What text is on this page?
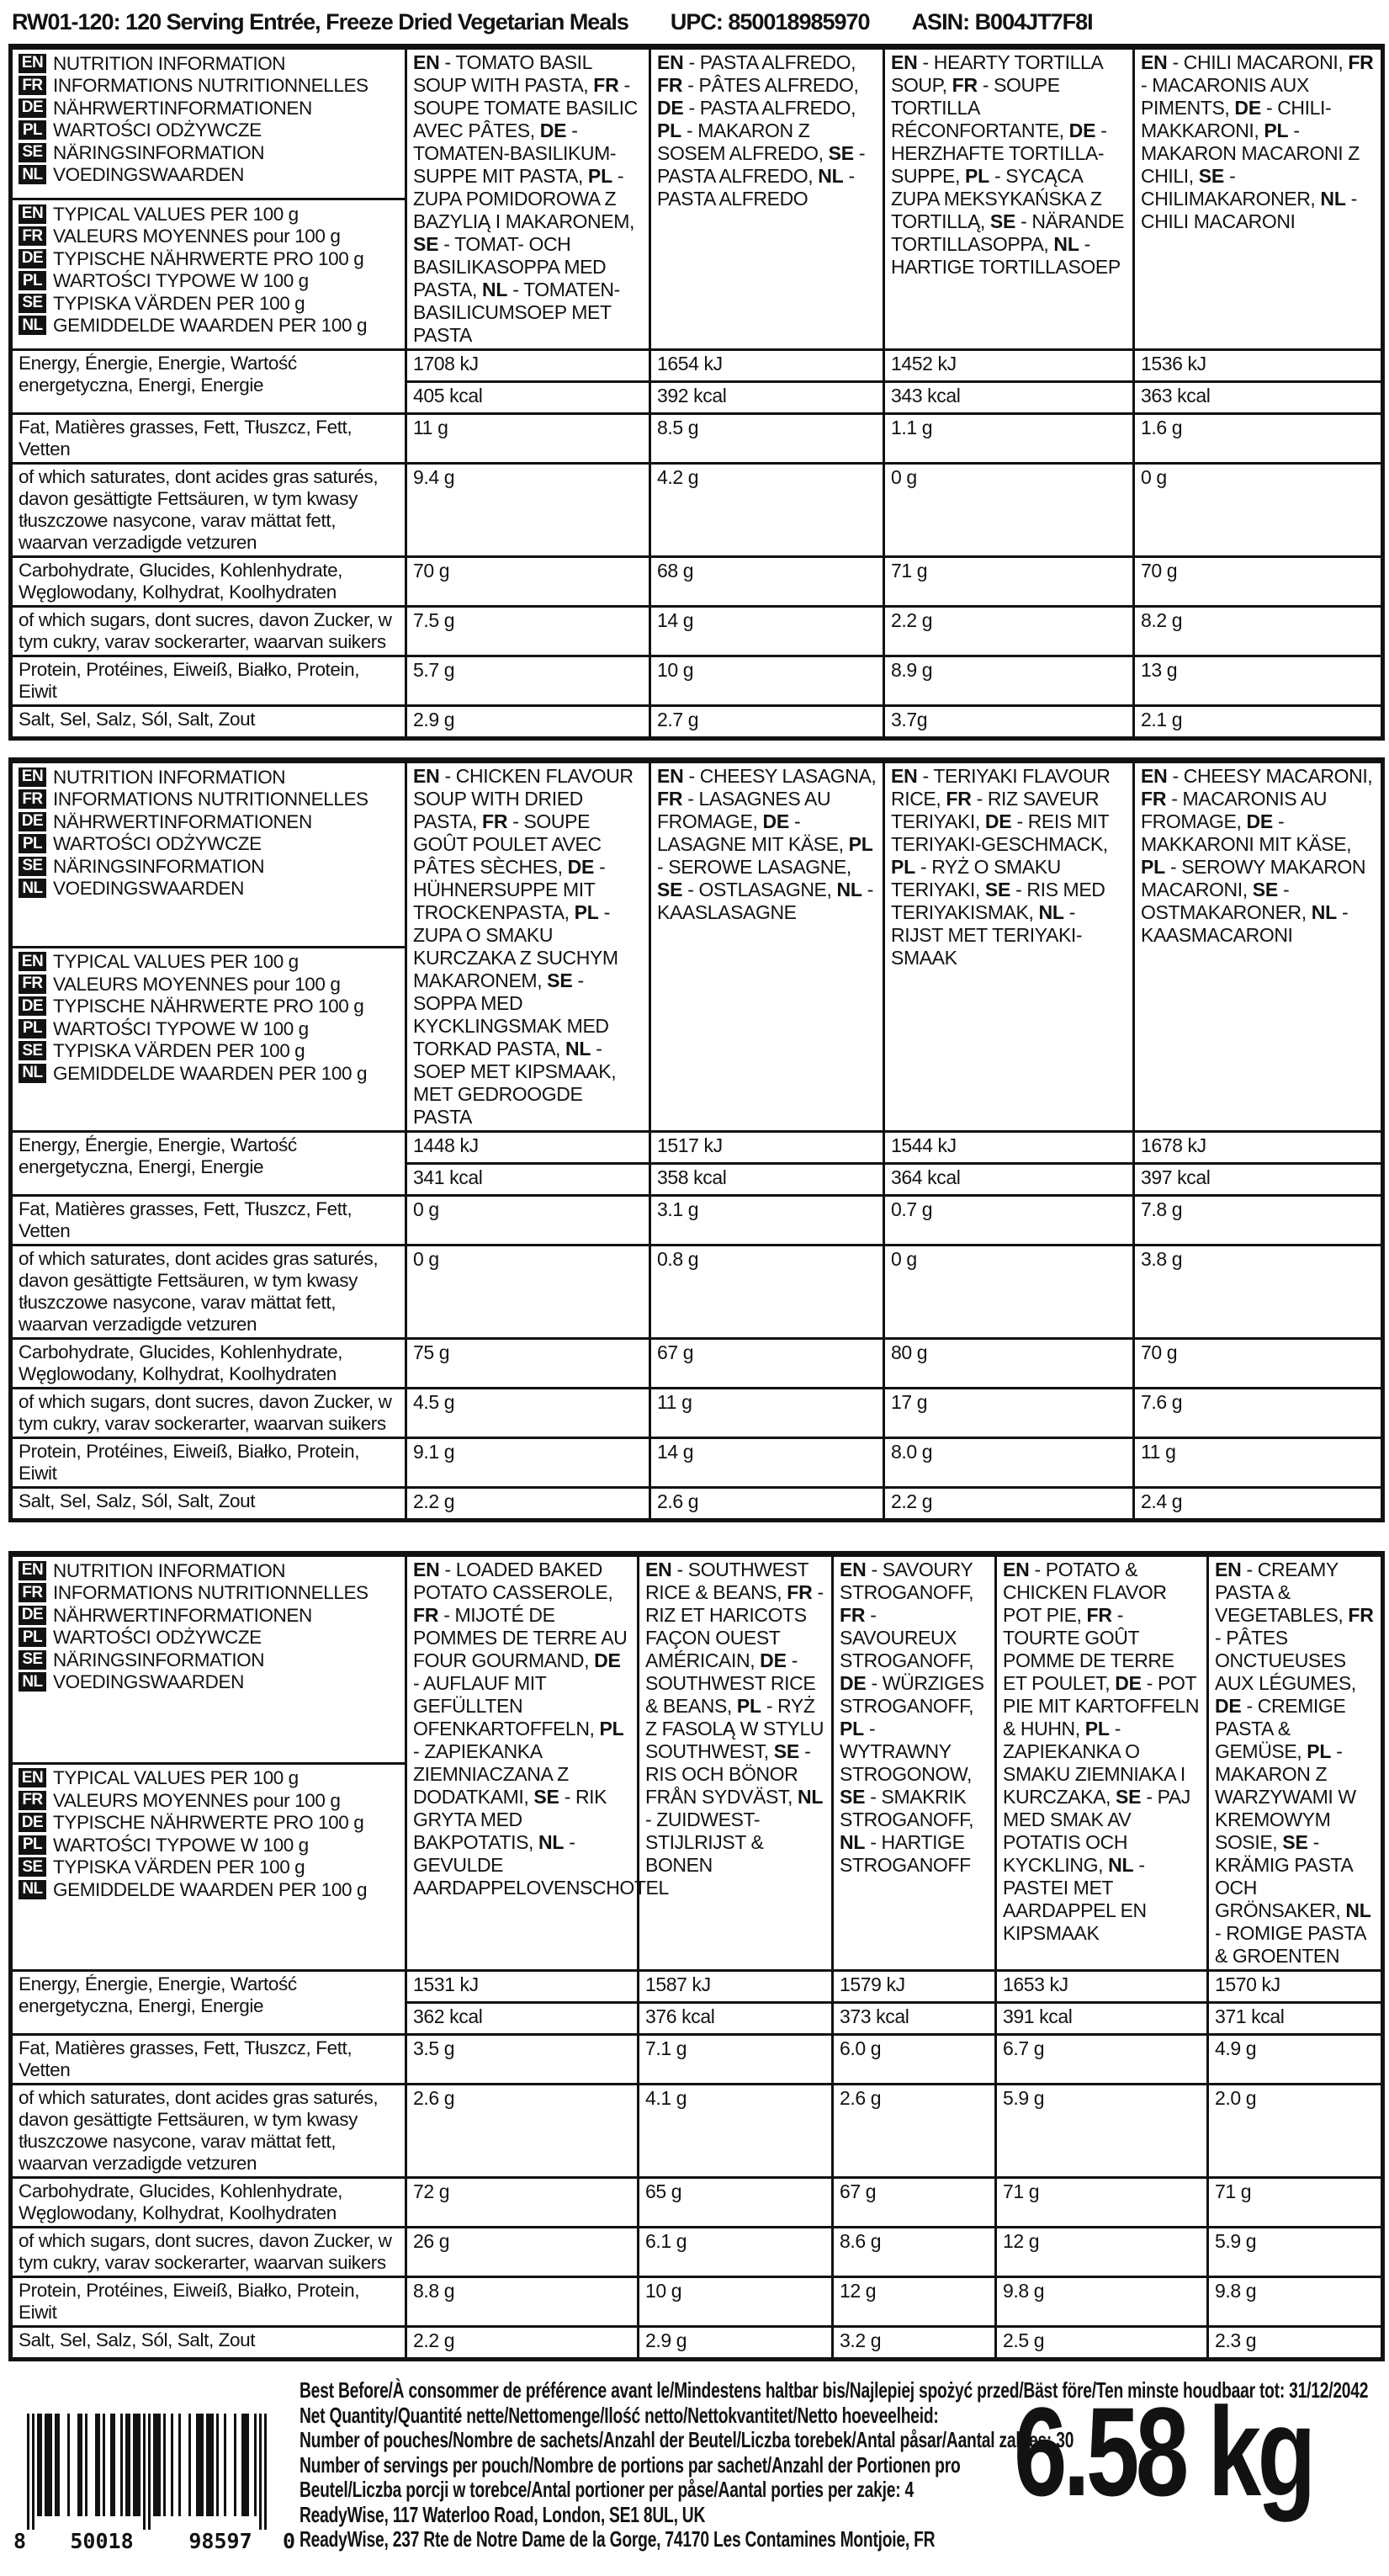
RW01-120: 120 Serving Entrée, Freeze Dried Vegetarian Meals UPC: 850018985970 ASIN: B004JT7F8I
EN NUTRITION INFORMATION
FR INFORMATIONS NUTRITIONNELLES
DE NÄHRWERTINFORMATIONEN
PL WARTOŚCI ODŻYWCZE
SE NÄRINGSINFORMATION
NL VOEDINGSWAARDEN
	EN - TOMATO BASIL SOUP WITH PASTA, FR - SOUPE TOMATE BASILIC AVEC PÂTES, DE - TOMATEN-BASILIKUM-SUPPE MIT PASTA, PL - ZUPA POMIDOROWA Z BAZYLIĄ I MAKARONEM, SE - TOMAT- OCH BASILIKASOPPA MED PASTA, NL - TOMATEN-BASILICUMSOEP MET PASTA	EN - PASTA ALFREDO, FR - PÂTES ALFREDO, DE - PASTA ALFREDO, PL - MAKARON Z SOSEM ALFREDO, SE - PASTA ALFREDO, NL - PASTA ALFREDO	EN - HEARTY TORTILLA SOUP, FR - SOUPE TORTILLA RÉCONFORTANTE, DE - HERZHAFTE TORTILLA-SUPPE, PL - SYCĄCA ZUPA MEKSYKAŃSKA Z TORTILLĄ, SE - NÄRANDE TORTILLASOPPA, NL - HARTIGE TORTILLASOEP	EN - CHILI MACARONI, FR - MACARONIS AUX PIMENTS, DE - CHILI-MAKKARONI, PL - MAKARON MACARONI Z CHILI, SE - CHILIMAKARONER, NL - CHILI MACARONI

EN TYPICAL VALUES PER 100 g
FR VALEURS MOYENNES pour 100 g
DE TYPISCHE NÄHRWERTE PRO 100 g
PL WARTOŚCI TYPOWE W 100 g
SE TYPISKA VÄRDEN PER 100 g
NL GEMIDDELDE WAARDEN PER 100 g

Energy, Énergie, Energie, Wartość energetyczna, Energi, Energie	1708 kJ	1654 kJ	1452 kJ	1536 kJ
	405 kcal	392 kcal	343 kcal	363 kcal
Fat, Matières grasses, Fett, Tłuszcz, Fett, Vetten	11 g	8.5 g	1.1 g	1.6 g
of which saturates, dont acides gras saturés, davon gesättigte Fettsäuren, w tym kwasy tłuszczowe nasycone, varav mättat fett, waarvan verzadigde vetzuren	9.4 g	4.2 g	0 g	0 g
Carbohydrate, Glucides, Kohlenhydrate, Węglowodany, Kolhydrat, Koolhydraten	70 g	68 g	71 g	70 g
of which sugars, dont sucres, davon Zucker, w tym cukry, varav sockerarter, waarvan suikers	7.5 g	14 g	2.2 g	8.2 g
Protein, Protéines, Eiweiß, Białko, Protein, Eiwit	5.7 g	10 g	8.9 g	13 g
Salt, Sel, Salz, Sól, Salt, Zout	2.9 g	2.7 g	3.7g	2.1 g
EN NUTRITION INFORMATION
FR INFORMATIONS NUTRITIONNELLES
DE NÄHRWERTINFORMATIONEN
PL WARTOŚCI ODŻYWCZE
SE NÄRINGSINFORMATION
NL VOEDINGSWAARDEN
	EN - CHICKEN FLAVOUR SOUP WITH DRIED PASTA, FR - SOUPE GOÛT POULET AVEC PÂTES SÈCHES, DE - HÜHNERSUPPE MIT TROCKENPASTA, PL - ZUPA O SMAKU KURCZAKA Z SUCHYM MAKARONEM, SE - SOPPA MED KYCKLINGSMAK MED TORKAD PASTA, NL - SOEP MET KIPSMAAK, MET GEDROOGDE PASTA	EN - CHEESY LASAGNA, FR - LASAGNES AU FROMAGE, DE - LASAGNE MIT KÄSE, PL - SEROWE LASAGNE, SE - OSTLASAGNE, NL - KAASLASAGNE	EN - TERIYAKI FLAVOUR RICE, FR - RIZ SAVEUR TERIYAKI, DE - REIS MIT TERIYAKI-GESCHMACK, PL - RYŻ O SMAKU TERIYAKI, SE - RIS MED TERIYAKISMAK, NL - RIJST MET TERIYAKI-SMAAK	EN - CHEESY MACARONI, FR - MACARONIS AU FROMAGE, DE - MAKKARONI MIT KÄSE, PL - SEROWY MAKARON MACARONI, SE - OSTMAKARONER, NL - KAASMACARONI

EN TYPICAL VALUES PER 100 g
FR VALEURS MOYENNES pour 100 g
DE TYPISCHE NÄHRWERTE PRO 100 g
PL WARTOŚCI TYPOWE W 100 g
SE TYPISKA VÄRDEN PER 100 g
NL GEMIDDELDE WAARDEN PER 100 g

Energy, Énergie, Energie, Wartość energetyczna, Energi, Energie	1448 kJ	1517 kJ	1544 kJ	1678 kJ
	341 kcal	358 kcal	364 kcal	397 kcal
Fat, Matières grasses, Fett, Tłuszcz, Fett, Vetten	0 g	3.1 g	0.7 g	7.8 g
of which saturates, dont acides gras saturés, davon gesättigte Fettsäuren, w tym kwasy tłuszczowe nasycone, varav mättat fett, waarvan verzadigde vetzuren	0 g	0.8 g	0 g	3.8 g
Carbohydrate, Glucides, Kohlenhydrate, Węglowodany, Kolhydrat, Koolhydraten	75 g	67 g	80 g	70 g
of which sugars, dont sucres, davon Zucker, w tym cukry, varav sockerarter, waarvan suikers	4.5 g	11 g	17 g	7.6 g
Protein, Protéines, Eiweiß, Białko, Protein, Eiwit	9.1 g	14 g	8.0 g	11 g
Salt, Sel, Salz, Sól, Salt, Zout	2.2 g	2.6 g	2.2 g	2.4 g
EN NUTRITION INFORMATION
FR INFORMATIONS NUTRITIONNELLES
DE NÄHRWERTINFORMATIONEN
PL WARTOŚCI ODŻYWCZE
SE NÄRINGSINFORMATION
NL VOEDINGSWAARDEN
	EN - LOADED BAKED POTATO CASSEROLE, FR - MIJOTÉ DE POMMES DE TERRE AU FOUR GOURMAND, DE - AUFLAUF MIT GEFÜLLTEN OFENKARTOFFELN, PL - ZAPIEKANKA ZIEMNIACZANA Z DODATKAMI, SE - RIK GRYTA MED BAKPOTATIS, NL - GEVULDE AARDAPPELOVENSCHOTEL	EN - SOUTHWEST RICE & BEANS, FR - RIZ ET HARICOTS FAÇON OUEST AMÉRICAIN, DE - SOUTHWEST RICE & BEANS, PL - RYŻ Z FASOLĄ W STYLU SOUTHWEST, SE - RIS OCH BÖNOR FRÅN SYDVÄST, NL - ZUIDWEST-STIJLRIJST & BONEN	EN - SAVOURY STROGANOFF, FR - SAVOUREUX STROGANOFF, DE - WÜRZIGES STROGANOFF, PL - WYTRAWNY STROGONOW, SE - SMAKRIK STROGANOFF, NL - HARTIGE STROGANOFF	EN - POTATO & CHICKEN FLAVOR POT PIE, FR - TOURTE GOÛT POMME DE TERRE ET POULET, DE - POT PIE MIT KARTOFFELN & HUHN, PL - ZAPIEKANKA O SMAKU ZIEMNIAKA I KURCZAKA, SE - PAJ MED SMAK AV POTATIS OCH KYCKLING, NL - PASTEI MET AARDAPPEL EN KIPSMAAK	EN - CREAMY PASTA & VEGETABLES, FR - PÂTES ONCTUEUSES AUX LÉGUMES, DE - CREMIGE PASTA & GEMÜSE, PL - MAKARON Z WARZYWAMI W KREMOWYM SOSIE, SE - KRÄMIG PASTA OCH GRÖNSAKER, NL - ROMIGE PASTA & GROENTEN

EN TYPICAL VALUES PER 100 g
FR VALEURS MOYENNES pour 100 g
DE TYPISCHE NÄHRWERTE PRO 100 g
PL WARTOŚCI TYPOWE W 100 g
SE TYPISKA VÄRDEN PER 100 g
NL GEMIDDELDE WAARDEN PER 100 g

Energy, Énergie, Energie, Wartość energetyczna, Energi, Energie	1531 kJ	1587 kJ	1579 kJ	1653 kJ	1570 kJ
	362 kcal	376 kcal	373 kcal	391 kcal	371 kcal
Fat, Matières grasses, Fett, Tłuszcz, Fett, Vetten	3.5 g	7.1 g	6.0 g	6.7 g	4.9 g
of which saturates, dont acides gras saturés, davon gesättigte Fettsäuren, w tym kwasy tłuszczowe nasycone, varav mättat fett, waarvan verzadigde vetzuren	2.6 g	4.1 g	2.6 g	5.9 g	2.0 g
Carbohydrate, Glucides, Kohlenhydrate, Węglowodany, Kolhydrat, Koolhydraten	72 g	65 g	67 g	71 g	71 g
of which sugars, dont sucres, davon Zucker, w tym cukry, varav sockerarter, waarvan suikers	26 g	6.1 g	8.6 g	12 g	5.9 g
Protein, Protéines, Eiweiß, Białko, Protein, Eiwit	8.8 g	10 g	12 g	9.8 g	9.8 g
Salt, Sel, Salz, Sól, Salt, Zout	2.2 g	2.9 g	3.2 g	2.5 g	2.3 g
8 50018	98597 0
Best Before/À consommer de préférence avant le/Mindestens haltbar bis/Najlepiej spożyć przed/Bäst före/Ten minste houdbaar tot: 31/12/2042
Net Quantity/Quantité nette/Nettomenge/Ilość netto/Nettokvantitet/Netto hoeveelheid:
Number of pouches/Nombre de sachets/Anzahl der Beutel/Liczba torebek/Antal påsar/Aantal zakjes: 30
Number of servings per pouch/Nombre de portions par sachet/Anzahl der Portionen pro
Beutel/Liczba porcji w torebce/Antal portioner per påse/Aantal porties per zakje: 4
ReadyWise, 117 Waterloo Road, London, SE1 8UL, UK
ReadyWise, 237 Rte de Notre Dame de la Gorge, 74170 Les Contamines Montjoie, FR
6.58 kg
